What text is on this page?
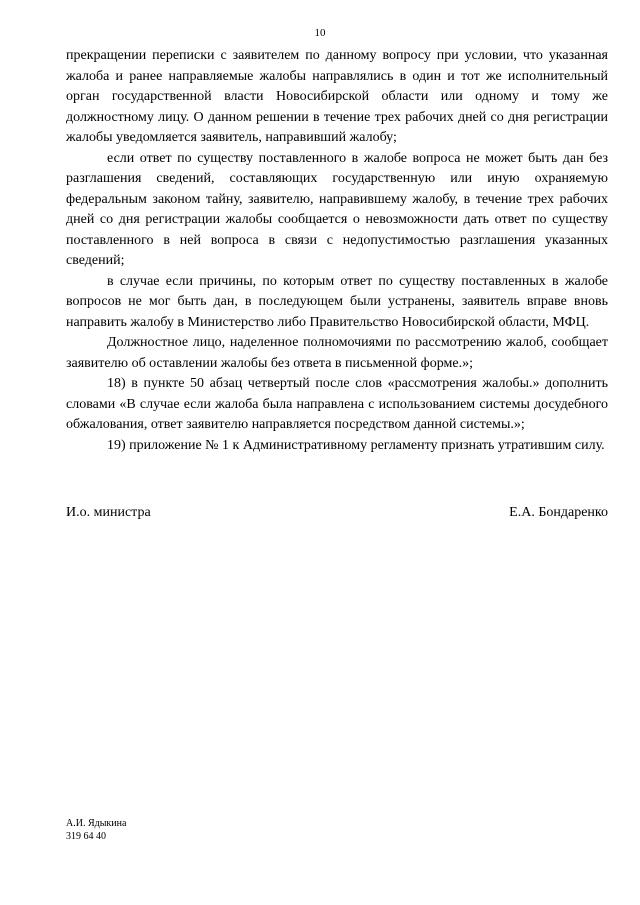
10

прекращении переписки с заявителем по данному вопросу при условии, что указанная жалоба и ранее направляемые жалобы направлялись в один и тот же исполнительный орган государственной власти Новосибирской области или одному и тому же должностному лицу. О данном решении в течение трех рабочих дней со дня регистрации жалобы уведомляется заявитель, направивший жалобу;

если ответ по существу поставленного в жалобе вопроса не может быть дан без разглашения сведений, составляющих государственную или иную охраняемую федеральным законом тайну, заявителю, направившему жалобу, в течение трех рабочих дней со дня регистрации жалобы сообщается о невозможности дать ответ по существу поставленного в ней вопроса в связи с недопустимостью разглашения указанных сведений;

в случае если причины, по которым ответ по существу поставленных в жалобе вопросов не мог быть дан, в последующем были устранены, заявитель вправе вновь направить жалобу в Министерство либо Правительство Новосибирской области, МФЦ.

Должностное лицо, наделенное полномочиями по рассмотрению жалоб, сообщает заявителю об оставлении жалобы без ответа в письменной форме.»;

18) в пункте 50 абзац четвертый после слов «рассмотрения жалобы.» дополнить словами «В случае если жалоба была направлена с использованием системы досудебного обжалования, ответ заявителю направляется посредством данной системы.»;

19) приложение № 1 к Административному регламенту признать утратившим силу.

И.о. министра	Е.А. Бондаренко
А.И. Ядыкина
319 64 40
